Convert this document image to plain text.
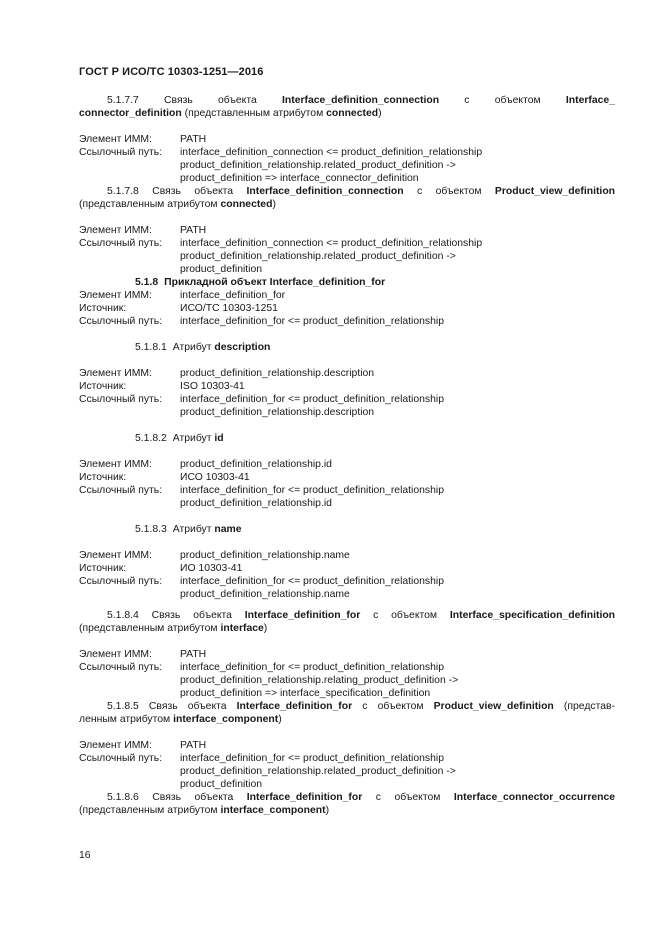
ГОСТ Р ИСО/ТС 10303-1251—2016

5.1.7.7 Связь объекта Interface_definition_connection с объектом Interface_

connector_definition (представленным атрибутом connected)

Элемент ИММ:	PATH
Ссылочный путь:	interface_definition_connection <= product_definition_relationship
product_definition_relationship.related_product_definition ->
product_definition => interface_connector_definition

5.1.7.8 Связь объекта Interface_definition_connection с объектом Product_view_definition

(представленным атрибутом connected)

Элемент ИММ:	PATH
Ссылочный путь:	interface_definition_connection <= product_definition_relationship
product_definition_relationship.related_product_definition ->
product_definition

5.1.8 Прикладной объект Interface_definition_for

Элемент ИММ:	interface_definition_for
Источник:	ИСО/ТС 10303-1251
Ссылочный путь:	interface_definition_for <= product_definition_relationship

5.1.8.1 Атрибут description

Элемент ИММ:	product_definition_relationship.description
Источник:	ISO 10303-41
Ссылочный путь:	interface_definition_for <= product_definition_relationship
product_definition_relationship.description

5.1.8.2 Атрибут id

Элемент ИММ:	product_definition_relationship.id
Источник:	ИСО 10303-41
Ссылочный путь:	interface_definition_for <= product_definition_relationship
product_definition_relationship.id

5.1.8.3 Атрибут name

Элемент ИММ:	product_definition_relationship.name
Источник:	ИО 10303-41
Ссылочный путь:	interface_definition_for <= product_definition_relationship
product_definition_relationship.name

5.1.8.4 Связь объекта Interface_definition_for с объектом Interface_specification_definition

(представленным атрибутом interface)

Элемент ИММ:	PATH
Ссылочный путь:	interface_definition_for <= product_definition_relationship
product_definition_relationship.relating_product_definition ->
product_definition => interface_specification_definition

5.1.8.5 Связь объекта Interface_definition_for с объектом Product_view_definition (представ-

ленным атрибутом interface_component)

Элемент ИММ:	PATH
Ссылочный путь:	interface_definition_for <= product_definition_relationship
product_definition_relationship.related_product_definition ->
product_definition

5.1.8.6 Связь объекта Interface_definition_for с объектом Interface_connector_occurrence

(представленным атрибутом interface_component)

16
